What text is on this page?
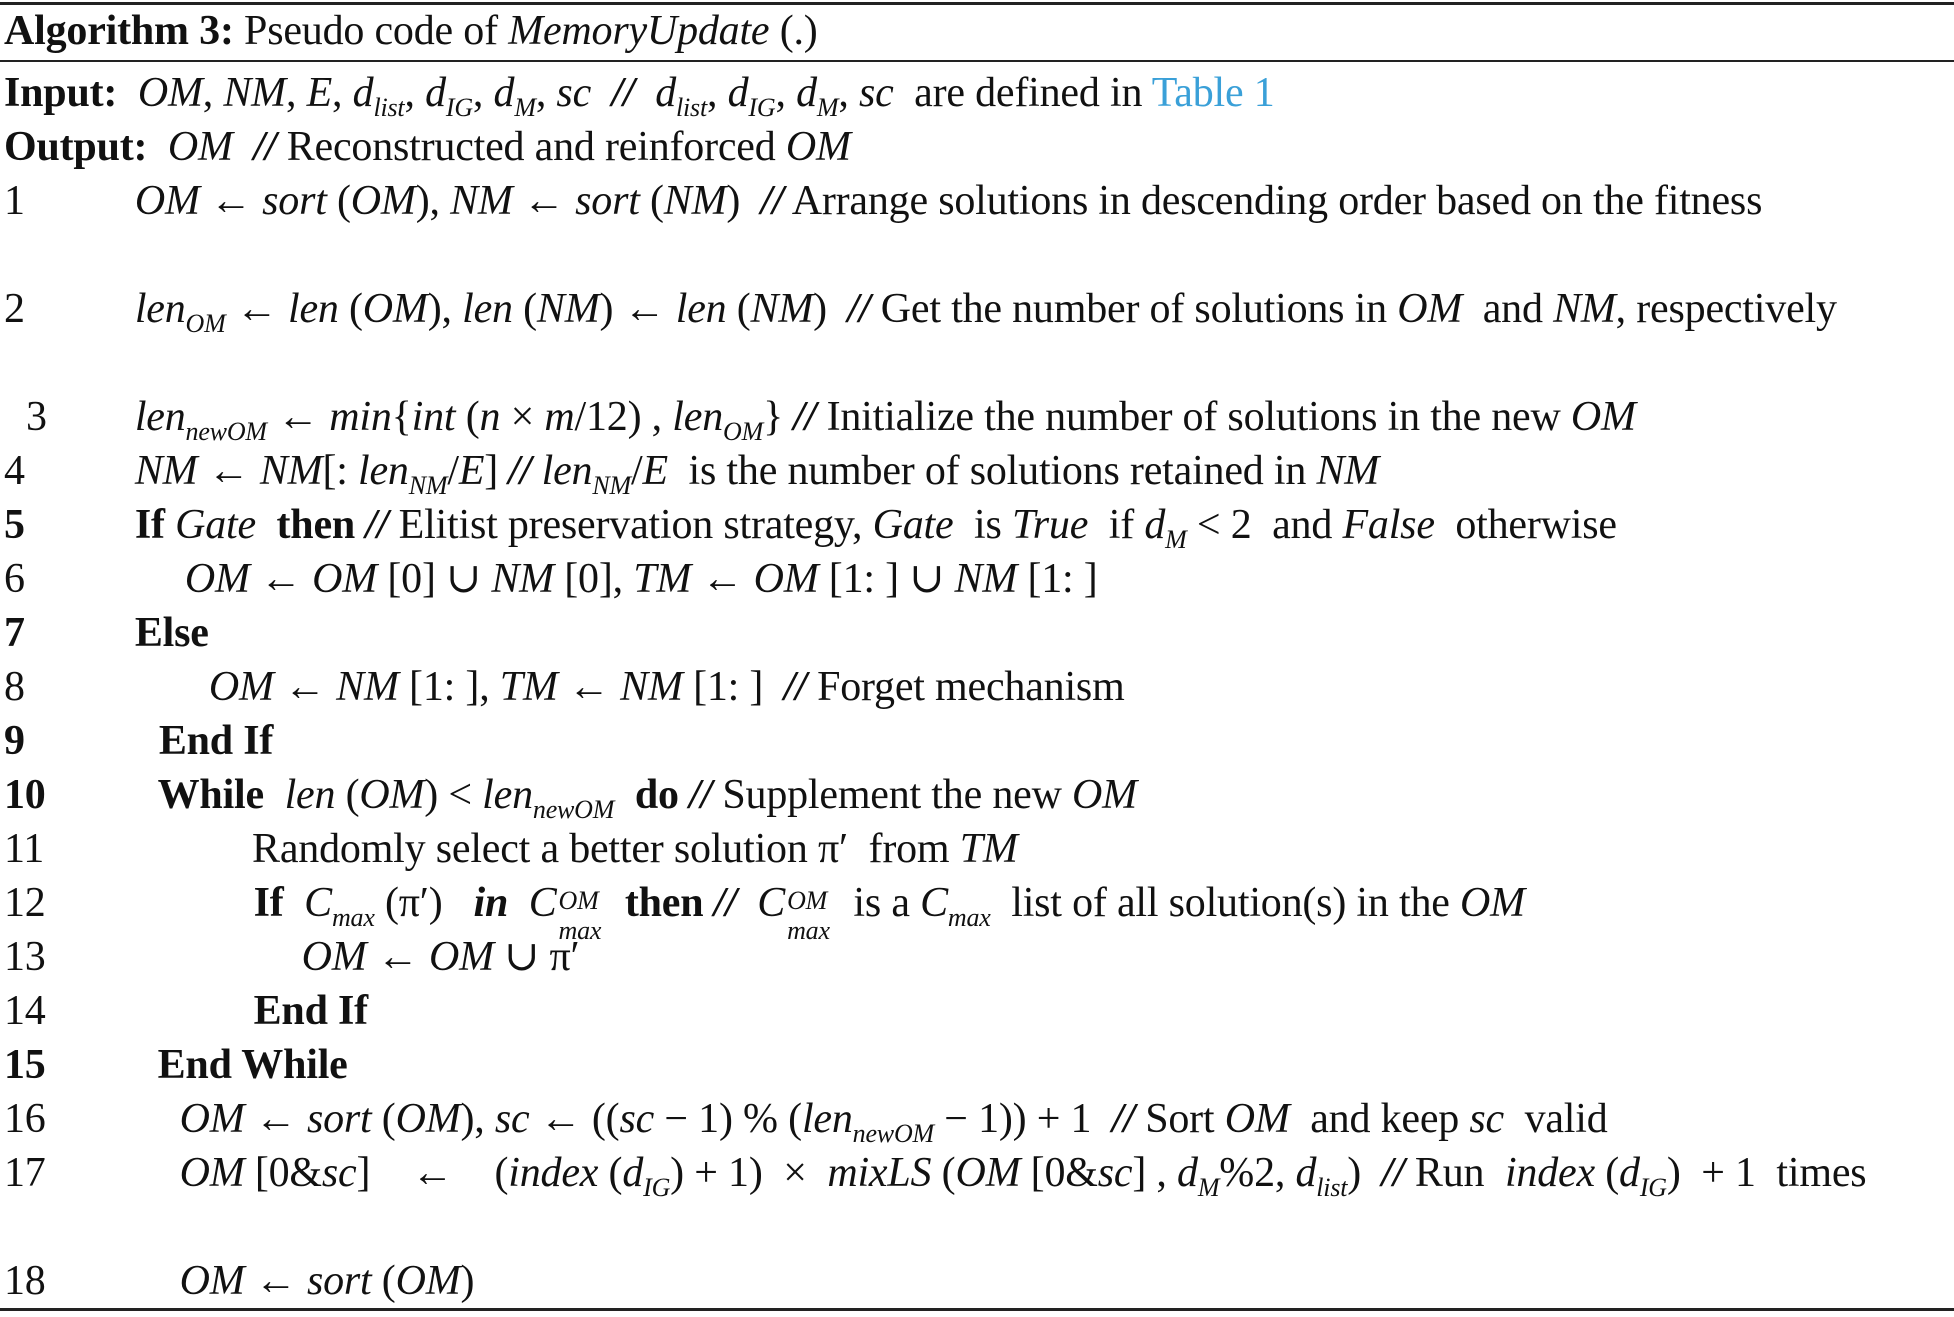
Algorithm 3: Pseudo code of MemoryUpdate (.)
Input: OM, NM, E, $d_{list}$, $d_{IG}$, $d_M$, sc // $d_{list}$, $d_{IG}$, $d_M$, sc  are defined in Table 1
Output: OM // Reconstructed and reinforced OM
1	OM ← sort (OM), NM ← sort (NM)  // Arrange solutions in descending order based on the fitness
2	len$_{OM}$ ← len (OM), len (NM) ← len (NM)  // Get the number of solutions in OM  and NM, respectively
3 len$_{newOM}$ ← min{int (n × m/12) , len$_{OM}$} // Initialize the number of solutions in the new OM
4	NM ← NM[: len$_{NM}$/E] // len$_{NM}$/E  is the number of solutions retained in NM
5	If Gate then // Elitist preservation strategy, Gate  is True  if $d_M < 2$  and False  otherwise
6	OM ← OM [0] ∪ NM [0], TM ← OM [1: ] ∪ NM [1: ]
7	Else
8	OM ← NM [1: ], TM ← NM [1: ]  // Forget mechanism
9	End If
10	While len (OM) < len$_{newOM}$ do // Supplement the new OM
11	Randomly select a better solution π′  from TM
12	If $C_{max}$ (π′)   in C OM
max
then // C OM
max
is a $C_{max}$  list of all solution(s) in the OM
13	OM ← OM ∪ π′
14	End If
15	End While
16	OM ← sort (OM), sc ← ((sc − 1) % (len$_{newOM}$ − 1)) + 1  // Sort OM  and keep sc  valid
17	OM [0&sc]    ←    (index $(d_{IG}) + 1$)  ×  mixLS (OM [0&sc] , $d_M\%2$, $d_{list}$)  // Run  index $(d_{IG}) + 1$  times
18	OM ← sort (OM)
